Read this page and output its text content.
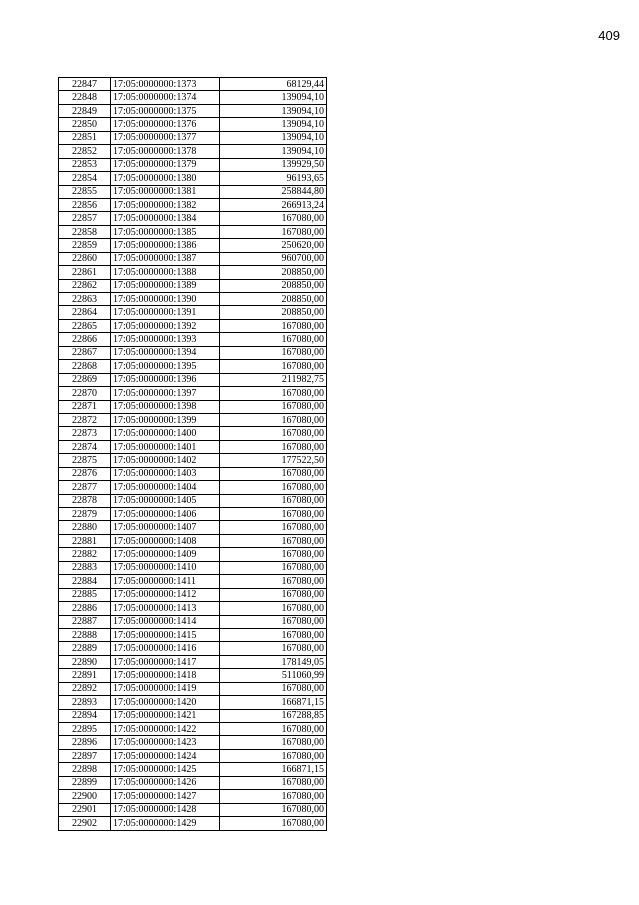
409
22847	17:05:0000000:1373	68129,44
22848	17:05:0000000:1374	139094,10
22849	17:05:0000000:1375	139094,10
22850	17:05:0000000:1376	139094,10
22851	17:05:0000000:1377	139094,10
22852	17:05:0000000:1378	139094,10
22853	17:05:0000000:1379	139929,50
22854	17:05:0000000:1380	96193,65
22855	17:05:0000000:1381	258844,80
22856	17:05:0000000:1382	266913,24
22857	17:05:0000000:1384	167080,00
22858	17:05:0000000:1385	167080,00
22859	17:05:0000000:1386	250620,00
22860	17:05:0000000:1387	960700,00
22861	17:05:0000000:1388	208850,00
22862	17:05:0000000:1389	208850,00
22863	17:05:0000000:1390	208850,00
22864	17:05:0000000:1391	208850,00
22865	17:05:0000000:1392	167080,00
22866	17:05:0000000:1393	167080,00
22867	17:05:0000000:1394	167080,00
22868	17:05:0000000:1395	167080,00
22869	17:05:0000000:1396	211982,75
22870	17:05:0000000:1397	167080,00
22871	17:05:0000000:1398	167080,00
22872	17:05:0000000:1399	167080,00
22873	17:05:0000000:1400	167080,00
22874	17:05:0000000:1401	167080,00
22875	17:05:0000000:1402	177522,50
22876	17:05:0000000:1403	167080,00
22877	17:05:0000000:1404	167080,00
22878	17:05:0000000:1405	167080,00
22879	17:05:0000000:1406	167080,00
22880	17:05:0000000:1407	167080,00
22881	17:05:0000000:1408	167080,00
22882	17:05:0000000:1409	167080,00
22883	17:05:0000000:1410	167080,00
22884	17:05:0000000:1411	167080,00
22885	17:05:0000000:1412	167080,00
22886	17:05:0000000:1413	167080,00
22887	17:05:0000000:1414	167080,00
22888	17:05:0000000:1415	167080,00
22889	17:05:0000000:1416	167080,00
22890	17:05:0000000:1417	178149,05
22891	17:05:0000000:1418	511060,99
22892	17:05:0000000:1419	167080,00
22893	17:05:0000000:1420	166871,15
22894	17:05:0000000:1421	167288,85
22895	17:05:0000000:1422	167080,00
22896	17:05:0000000:1423	167080,00
22897	17:05:0000000:1424	167080,00
22898	17:05:0000000:1425	166871,15
22899	17:05:0000000:1426	167080,00
22900	17:05:0000000:1427	167080,00
22901	17:05:0000000:1428	167080,00
22902	17:05:0000000:1429	167080,00
